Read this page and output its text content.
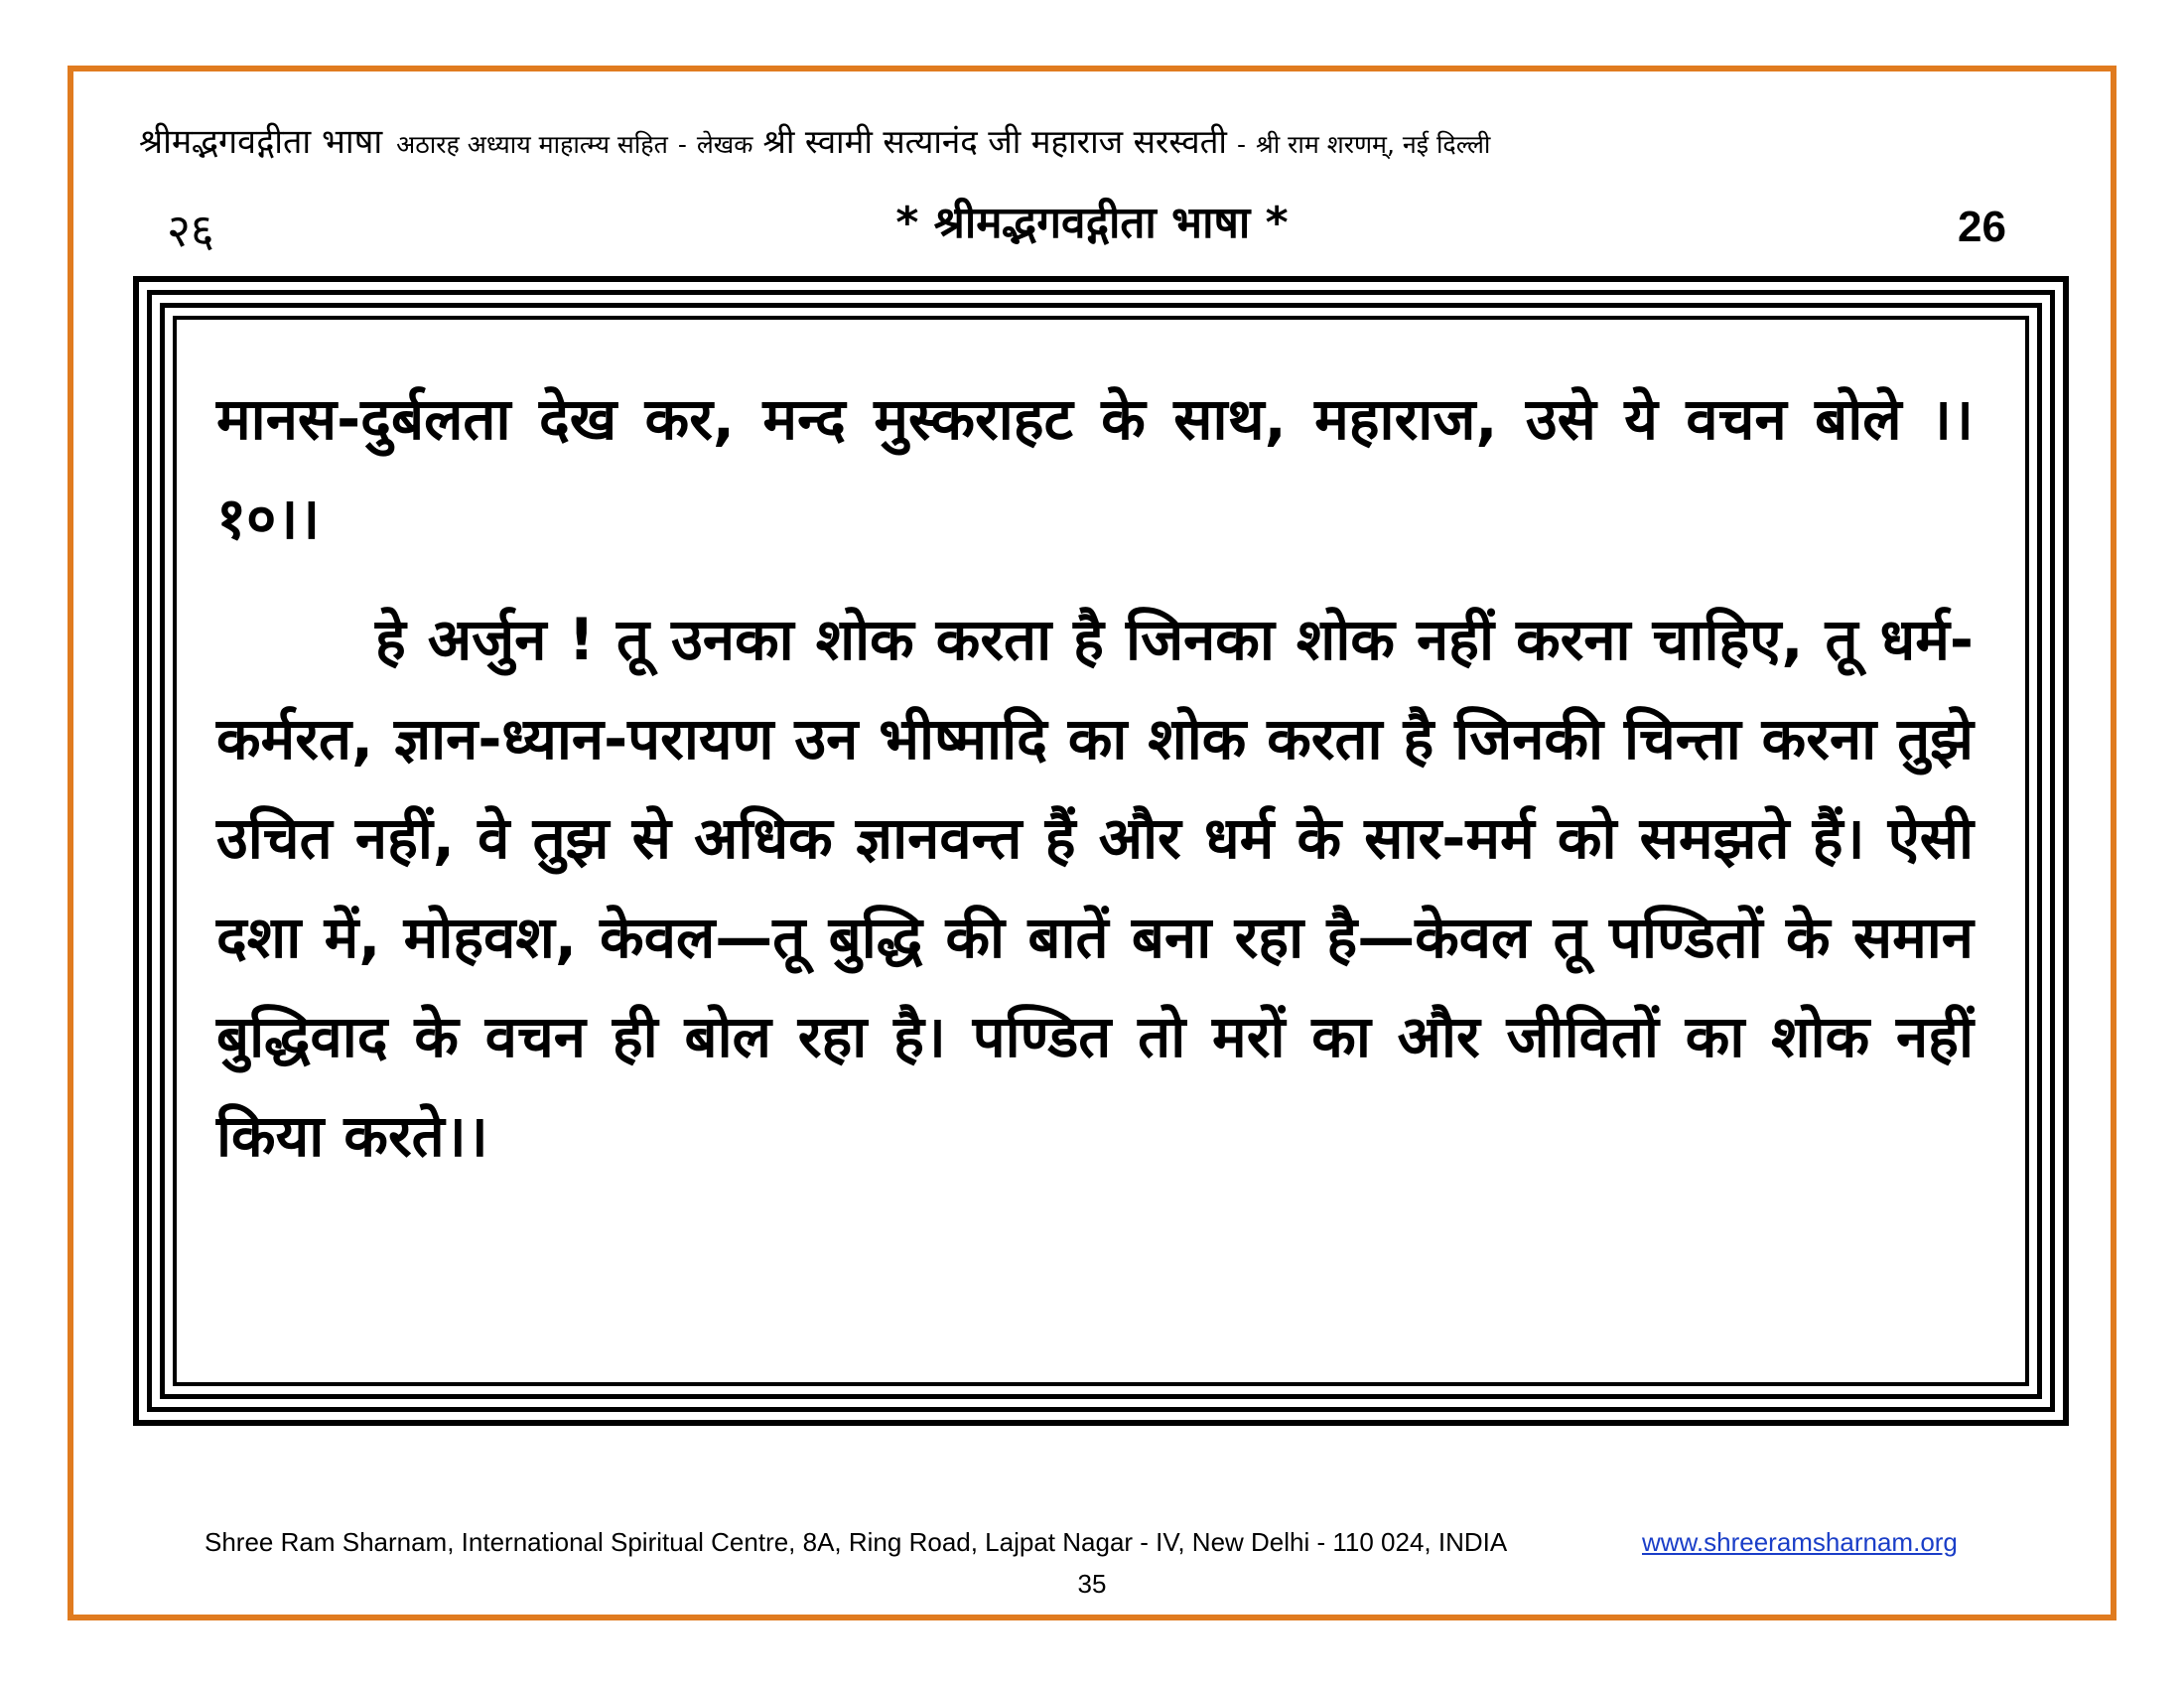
श्रीमद्भगवद्गीता भाषा अठारह अध्याय माहात्म्य सहित - लेखक श्री स्वामी सत्यानंद जी महाराज सरस्वती - श्री राम शरणम्, नई दिल्ली
२६	* श्रीमद्भगवद्गीता भाषा *	26

मानस-दुर्बलता देख कर, मन्द मुस्कराहट के साथ, महाराज, उसे ये वचन बोले ।।१०।।

हे अर्जुन ! तू उनका शोक करता है जिनका शोक नहीं करना चाहिए, तू धर्म-कर्मरत, ज्ञान-ध्यान-परायण उन भीष्मादि का शोक करता है जिनकी चिन्ता करना तुझे उचित नहीं, वे तुझ से अधिक ज्ञानवन्त हैं और धर्म के सार-मर्म को समझते हैं। ऐसी दशा में, मोहवश, केवल—तू बुद्धि की बातें बना रहा है—केवल तू पण्डितों के समान बुद्धिवाद के वचन ही बोल रहा है। पण्डित तो मरों का और जीवितों का शोक नहीं किया करते।।

Shree Ram Sharnam, International Spiritual Centre, 8A, Ring Road, Lajpat Nagar - IV, New Delhi - 110 024, INDIA	www.shreeramsharnam.org
35
